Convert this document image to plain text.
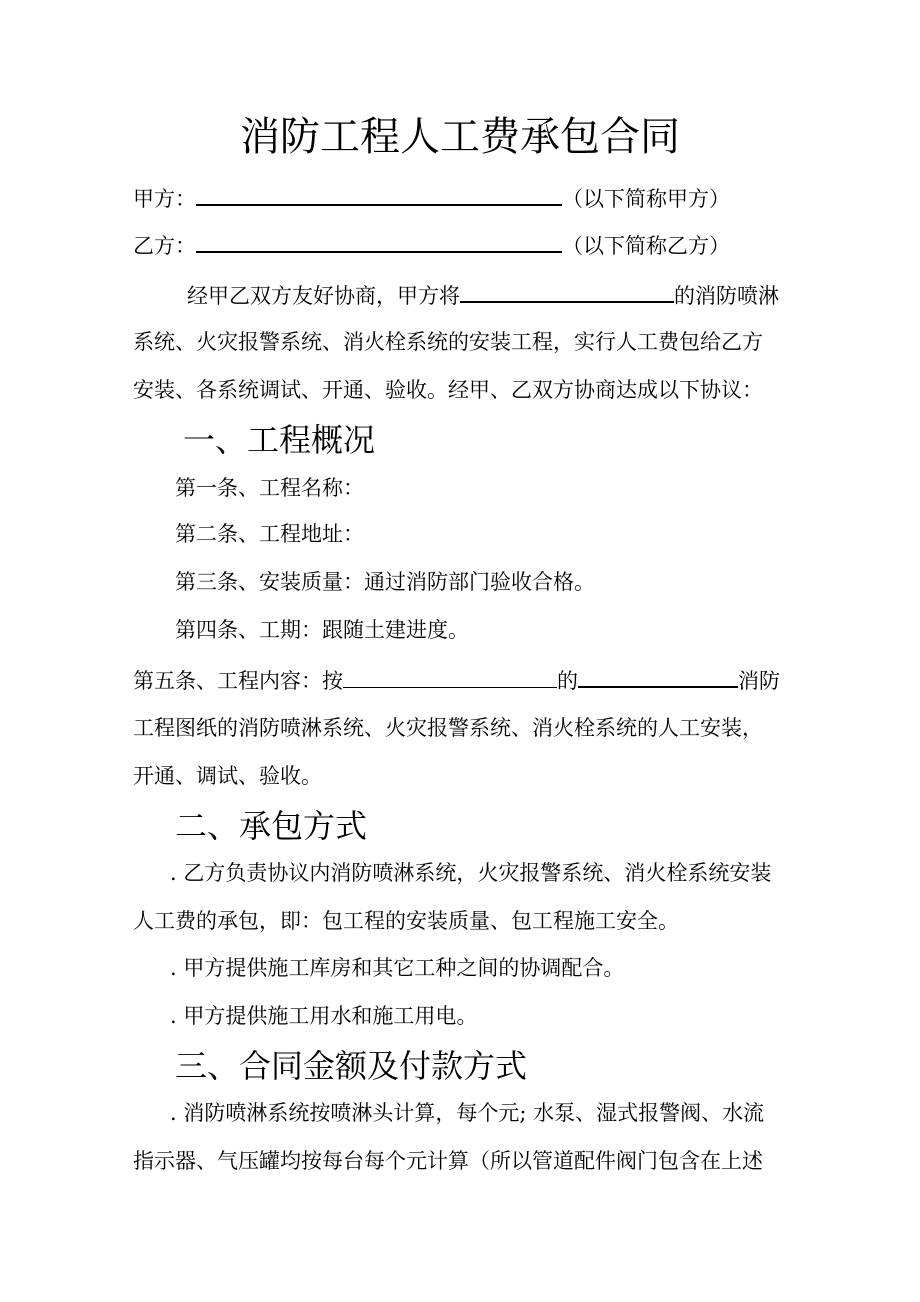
消防工程人工费承包合同
甲方：	（以下简称甲方）
乙方：	（以下简称乙方）
经甲乙双方友好协商，甲方将	的消防喷淋
系统、火灾报警系统、消火栓系统的安装工程，实行人工费包给乙方
安装、各系统调试、开通、验收。经甲、乙双方协商达成以下协议：
一、工程概况
第一条、工程名称：
第二条、工程地址：
第三条、安装质量：通过消防部门验收合格。
第四条、工期：跟随土建进度。
第五条、工程内容：按	的	消防
工程图纸的消防喷淋系统、火灾报警系统、消火栓系统的人工安装，
开通、调试、验收。
二、承包方式
. 乙方负责协议内消防喷淋系统，火灾报警系统、消火栓系统安装
人工费的承包，即：包工程的安装质量、包工程施工安全。
. 甲方提供施工库房和其它工种之间的协调配合。
. 甲方提供施工用水和施工用电。
三、合同金额及付款方式
. 消防喷淋系统按喷淋头计算，每个元; 水泵、湿式报警阀、水流
指示器、气压罐均按每台每个元计算（所以管道配件阀门包含在上述
